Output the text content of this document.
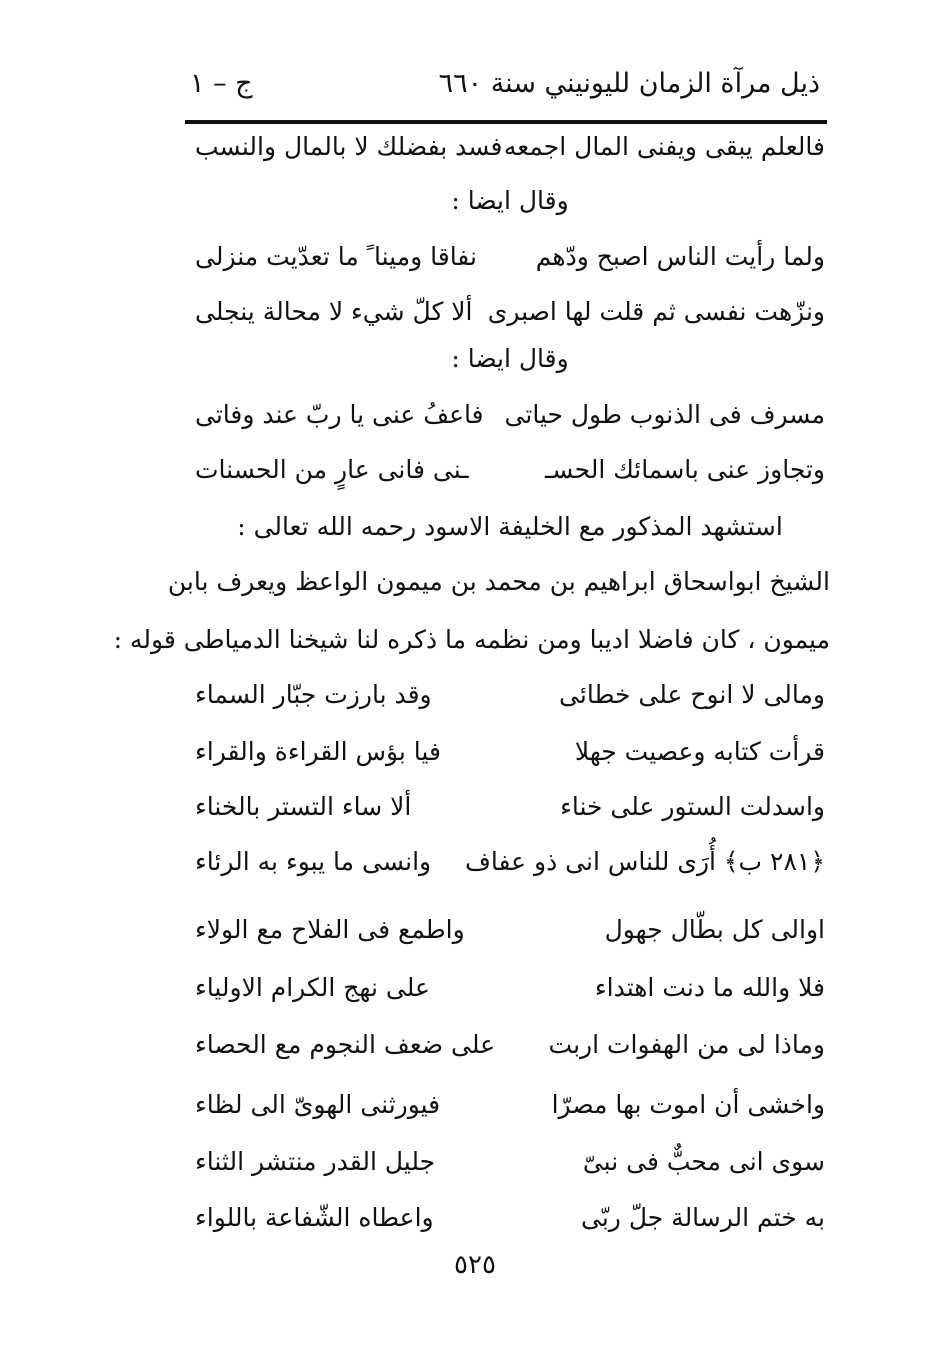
ذيل مرآة الزمان لليونيني سنة ٦٦٠
ج – ١
فالعلم يبقى ويفنى المال اجمعه
فسد بفضلك لا بالمال والنسب
وقال ايضا :
ولما رأيت الناس اصبح ودّهم
نفاقا ومينا ً ما تعدّيت منزلى
ونزّهت نفسى ثم قلت لها اصبرى
ألا كلّ شيء لا محالة ينجلى
وقال ايضا :
مسرف فى الذنوب طول حياتى
فاعفُ عنى يا ربّ عند وفاتى
وتجاوز عنى باسمائك الحسـ
ـنى فانى عارٍ من الحسنات
استشهد المذكور مع الخليفة الاسود رحمه الله تعالى :
الشيخ ابواسحاق ابراهيم بن محمد بن ميمون الواعظ ويعرف بابن
ميمون ، كان فاضلا اديبا ومن نظمه ما ذكره لنا شيخنا الدمياطى قوله :
ومالى لا انوح على خطائى
وقد بارزت جبّار السماء
قرأت كتابه وعصيت جهلا
فيا بؤس القراءة والقراء
واسدلت الستور على خناء
ألا ساء التستر بالخناء
﴿٢٨١ ب﴾ أُرَى للناس انى ذو عفاف
وانسى ما يبوء به الرئاء
اوالى كل بطّال جهول
واطمع فى الفلاح مع الولاء
فلا والله ما دنت اهتداء
على نهج الكرام الاولياء
وماذا لى من الهفوات اربت
على ضعف النجوم مع الحصاء
واخشى أن اموت بها مصرّا
فيورثنى الهوىّ الى لظاء
سوى انى محبٌّ فى نبىّ
جليل القدر منتشر الثناء
به ختم الرسالة جلّ ربّى
واعطاه الشّفاعة باللواء
٥٢٥
